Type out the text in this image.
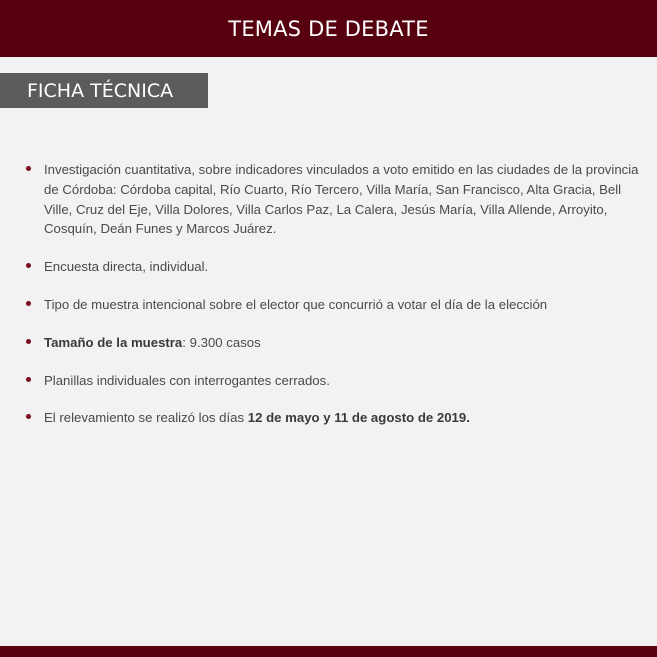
TEMAS DE DEBATE
FICHA TÉCNICA
Investigación cuantitativa, sobre indicadores vinculados a voto emitido en las ciudades de la provincia de Córdoba: Córdoba capital, Río Cuarto, Río Tercero, Villa María, San Francisco, Alta Gracia, Bell Ville, Cruz del Eje, Villa Dolores, Villa Carlos Paz, La Calera, Jesús María, Villa Allende, Arroyito, Cosquín, Deán Funes y Marcos Juárez.
Encuesta directa, individual.
Tipo de muestra intencional sobre el elector que concurrió a votar el día de la elección
Tamaño de la muestra: 9.300 casos
Planillas individuales con interrogantes cerrados.
El relevamiento se realizó los días 12 de mayo y 11 de agosto de 2019.
